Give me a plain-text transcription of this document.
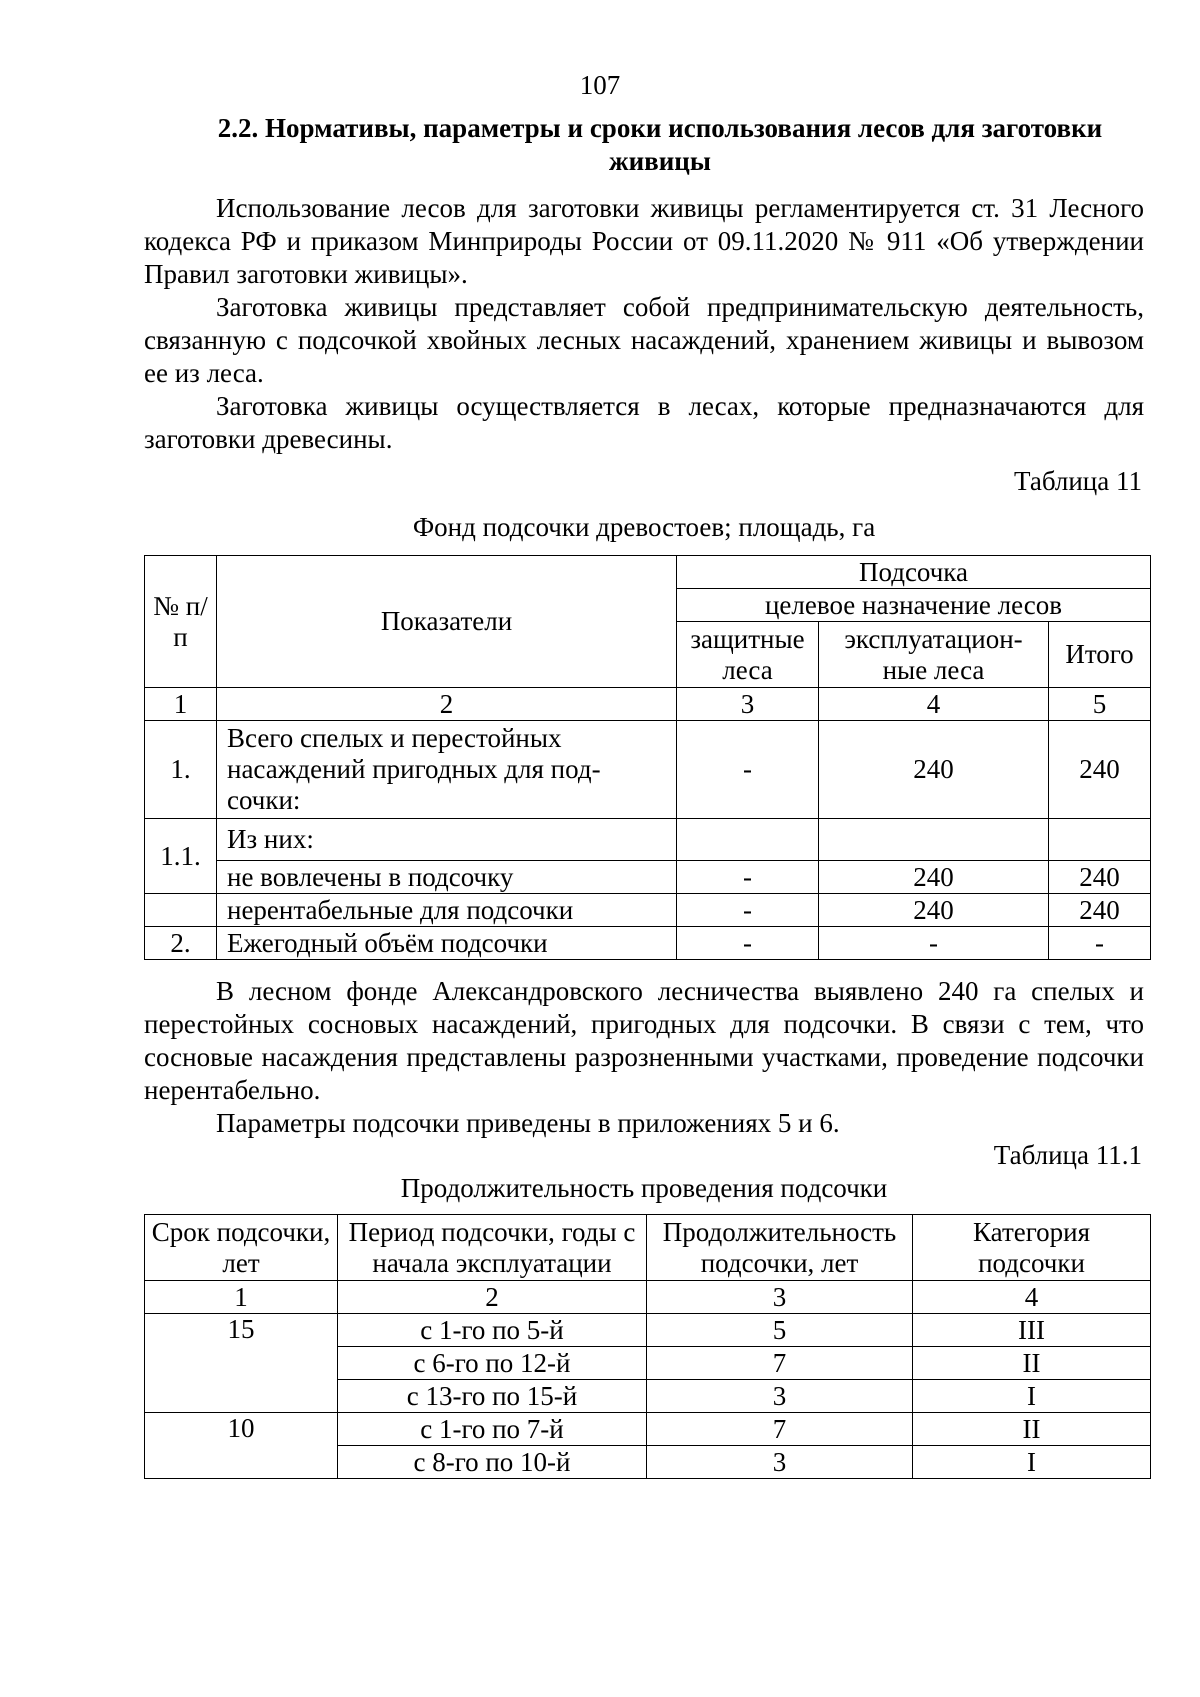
107
2.2. Нормативы, параметры и сроки использования лесов для заготовки живицы

Использование лесов для заготовки живицы регламентируется ст. 31 Лесного кодекса РФ и приказом Минприроды России от 09.11.2020 № 911 «Об утверждении Правил заготовки живицы».

Заготовка живицы представляет собой предпринимательскую деятельность, связанную с подсочкой хвойных лесных насаждений, хранением живицы и вывозом ее из леса.

Заготовка живицы осуществляется в лесах, которые предназначаются для заготовки древесины.

Таблица 11
Фонд подсочки древостоев; площадь, га
№ п/п	Показатели	Подсочка		
		целевое назначение лесов		
		защитные леса	эксплуатацион- ные леса	Итого
1	2	3	4	5
1.	Всего спелых и перестойных насаждений пригодных для под- сочки:	-	240	240
1.1.	Из них:			
	не вовлечены в подсочку	-	240	240
	нерентабельные для подсочки	-	240	240
2.	Ежегодный объём подсочки	-	-	-

В лесном фонде Александровского лесничества выявлено 240 га спелых и перестойных сосновых насаждений, пригодных для подсочки. В связи с тем, что сосновые насаждения представлены разрозненными участками, проведение подсочки нерентабельно.

Параметры подсочки приведены в приложениях 5 и 6.

Таблица 11.1
Продолжительность проведения подсочки
Срок подсочки, лет	Период подсочки, годы с начала эксплуатации	Продолжительность подсочки, лет	Категория подсочки
1	2	3	4
15	с 1-го по 5-й	5	III
	с 6-го по 12-й	7	II
	с 13-го по 15-й	3	I
10	с 1-го по 7-й	7	II
	с 8-го по 10-й	3	I
